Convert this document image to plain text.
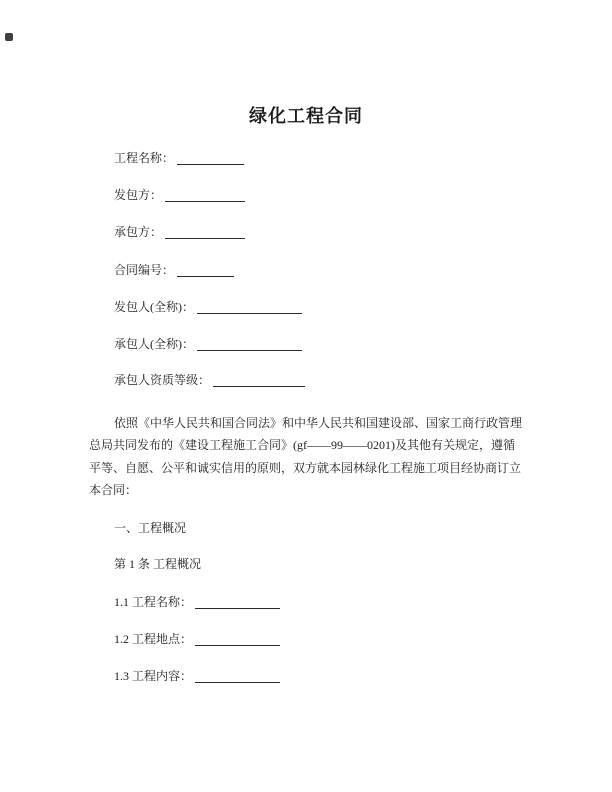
绿化工程合同
工程名称：
发包方：
承包方：
合同编号：
发包人(全称)：
承包人(全称)：
承包人资质等级：
依照《中华人民共和国合同法》和中华人民共和国建设部、国家工商行政管理
总局共同发布的《建设工程施工合同》(gf——99——0201)及其他有关规定，遵循
平等、自愿、公平和诚实信用的原则，双方就本园林绿化工程施工项目经协商订立
本合同：
一、工程概况
第 1 条 工程概况
1.1 工程名称：
1.2 工程地点：
1.3 工程内容：
